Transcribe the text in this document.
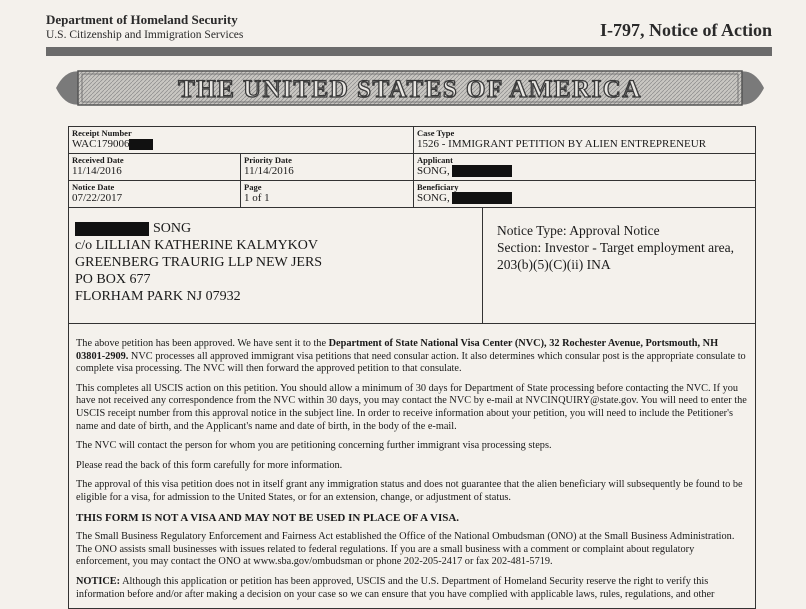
Department of Homeland Security
U.S. Citizenship and Immigration Services	I-797, Notice of Action
THE UNITED STATES OF AMERICA
Receipt Number
WAC179006
Case Type
1526 - IMMIGRANT PETITION BY ALIEN ENTREPRENEUR
Received Date
11/14/2016
Priority Date
11/14/2016
Applicant
SONG,
Notice Date
07/22/2017
Page
1 of 1
Beneficiary
SONG,
SONG
c/o LILLIAN KATHERINE KALMYKOV
GREENBERG TRAURIG LLP NEW JERS
PO BOX 677
FLORHAM PARK NJ 07932
Notice Type: Approval Notice
Section: Investor - Target employment area,
203(b)(5)(C)(ii) INA

The above petition has been approved. We have sent it to the Department of State National Visa Center (NVC), 32 Rochester Avenue, Portsmouth, NH 03801-2909. NVC processes all approved immigrant visa petitions that need consular action. It also determines which consular post is the appropriate consulate to complete visa processing. The NVC will then forward the approved petition to that consulate.

This completes all USCIS action on this petition. You should allow a minimum of 30 days for Department of State processing before contacting the NVC. If you have not received any correspondence from the NVC within 30 days, you may contact the NVC by e-mail at NVCINQUIRY@state.gov. You will need to enter the USCIS receipt number from this approval notice in the subject line. In order to receive information about your petition, you will need to include the Petitioner's name and date of birth, and the Applicant's name and date of birth, in the body of the e-mail.

The NVC will contact the person for whom you are petitioning concerning further immigrant visa processing steps.

Please read the back of this form carefully for more information.

The approval of this visa petition does not in itself grant any immigration status and does not guarantee that the alien beneficiary will subsequently be found to be eligible for a visa, for admission to the United States, or for an extension, change, or adjustment of status.

THIS FORM IS NOT A VISA AND MAY NOT BE USED IN PLACE OF A VISA.

The Small Business Regulatory Enforcement and Fairness Act established the Office of the National Ombudsman (ONO) at the Small Business Administration. The ONO assists small businesses with issues related to federal regulations. If you are a small business with a comment or complaint about regulatory enforcement, you may contact the ONO at www.sba.gov/ombudsman or phone 202-205-2417 or fax 202-481-5719.

NOTICE: Although this application or petition has been approved, USCIS and the U.S. Department of Homeland Security reserve the right to verify this information before and/or after making a decision on your case so we can ensure that you have complied with applicable laws, rules, regulations, and other
